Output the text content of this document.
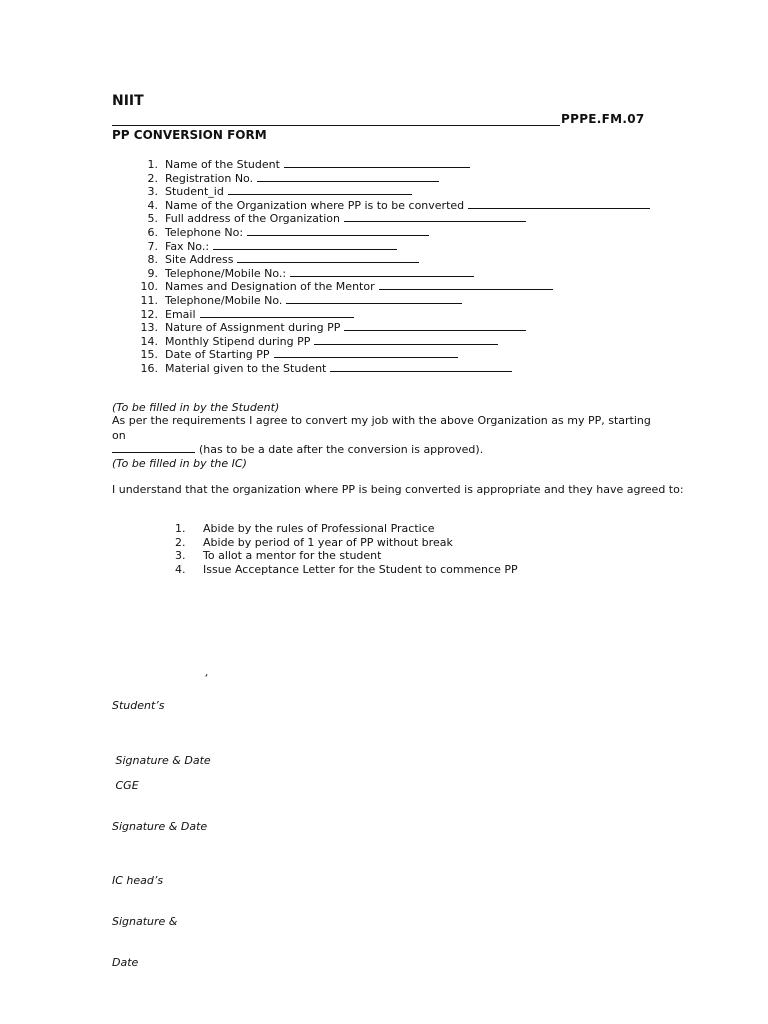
NIIT
PPPE.FM.07
PP CONVERSION FORM
1.
Name of the Student
2.
Registration No.
3.
Student_id
4.
Name of the Organization where PP is to be converted
5.
Full address of the Organization
6.
Telephone No:
7.
Fax No.:
8.
Site Address
9.
Telephone/Mobile No.:
10.
Names and Designation of the Mentor
11.
Telephone/Mobile No.
12.
Email
13.
Nature of Assignment during PP
14.
Monthly Stipend during PP
15.
Date of Starting PP
16.
Material given to the Student
(To be filled in by the Student)
As per the requirements I agree to convert my job with the above Organization as my PP, starting on
(has to be a date after the conversion is approved).
(To be filled in by the IC)
I understand that the organization where PP is being converted is appropriate and they have agreed to:
1. Abide by the rules of Professional Practice
2. Abide by period of 1 year of PP without break
3. To allot a mentor for the student
4. Issue Acceptance Letter for the Student to commence PP

Student’s

‘

Signature & Date

CGE

Signature & Date

IC head’s

Signature &

Date
